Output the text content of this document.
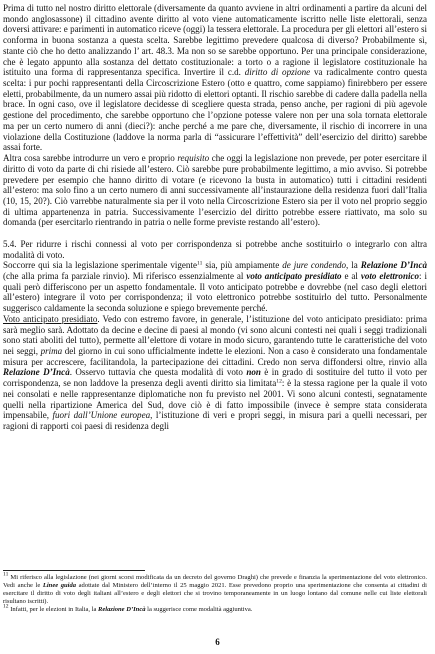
Prima di tutto nel nostro diritto elettorale (diversamente da quanto avviene in altri ordinamenti a partire da alcuni del mondo anglosassone) il cittadino avente diritto al voto viene automaticamente iscritto nelle liste elettorali, senza doversi attivare: e parimenti in automatico riceve (oggi) la tessera elettorale. La procedura per gli elettori all’estero si conforma in buona sostanza a questa scelta. Sarebbe legittimo prevedere qualcosa di diverso? Probabilmente sì, stante ciò che ho detto analizzando l’ art. 48.3. Ma non so se sarebbe opportuno. Per una principale considerazione, che è legato appunto alla sostanza del dettato costituzionale: a torto o a ragione il legislatore costituzionale ha istituito una forma di rappresentanza specifica. Invertire il c.d. diritto di opzione va radicalmente contro questa scelta: i pur pochi rappresentanti della Circoscrizione Estero (otto e quattro, come sappiamo) finirebbero per essere eletti, probabilmente, da un numero assai più ridotto di elettori optanti. Il rischio sarebbe di cadere dalla padella nella brace. In ogni caso, ove il legislatore decidesse di scegliere questa strada, penso anche, per ragioni di più agevole gestione del procedimento, che sarebbe opportuno che l’opzione potesse valere non per una sola tornata elettorale ma per un certo numero di anni (dieci?): anche perché a me pare che, diversamente, il rischio di incorrere in una violazione della Costituzione (laddove la norma parla di “assicurare l’effettività” dell’esercizio del diritto) sarebbe assai forte.

Altra cosa sarebbe introdurre un vero e proprio requisito che oggi la legislazione non prevede, per poter esercitare il diritto di voto da parte di chi risiede all’estero. Ciò sarebbe pure probabilmente legittimo, a mio avviso. Si potrebbe prevedere per esempio che hanno diritto di votare (e ricevono la busta in automatico) tutti i cittadini residenti all’estero: ma solo fino a un certo numero di anni successivamente all’instaurazione della residenza fuori dall’Italia (10, 15, 20?). Ciò varrebbe naturalmente sia per il voto nella Circoscrizione Estero sia per il voto nel proprio seggio di ultima appartenenza in patria. Successivamente l’esercizio del diritto potrebbe essere riattivato, ma solo su domanda (per esercitarlo rientrando in patria o nelle forme previste restando all’estero).

5.4. Per ridurre i rischi connessi al voto per corrispondenza si potrebbe anche sostituirlo o integrarlo con altra modalità di voto.

Soccorre qui sia la legislazione sperimentale vigente$^{11}$ sia, più ampiamente de jure condendo, la Relazione D’Incà (che alla prima fa parziale rinvio). Mi riferisco essenzialmente al voto anticipato presidiato e al voto elettronico: i quali però differiscono per un aspetto fondamentale. Il voto anticipato potrebbe e dovrebbe (nel caso degli elettori all’estero) integrare il voto per corrispondenza; il voto elettronico potrebbe sostituirlo del tutto. Personalmente suggerisco caldamente la seconda soluzione e spiego brevemente perché.

Voto anticipato presidiato. Vedo con estremo favore, in generale, l’istituzione del voto anticipato presidiato: prima sarà meglio sarà. Adottato da decine e decine di paesi al mondo (vi sono alcuni contesti nei quali i seggi tradizionali sono stati aboliti del tutto), permette all’elettore di votare in modo sicuro, garantendo tutte le caratteristiche del voto nei seggi, prima del giorno in cui sono ufficialmente indette le elezioni. Non a caso è considerato una fondamentale misura per accrescere, facilitandola, la partecipazione dei cittadini. Credo non serva diffondersi oltre, rinvio alla Relazione D’Incà. Osservo tuttavia che questa modalità di voto non è in grado di sostituire del tutto il voto per corrispondenza, se non laddove la presenza degli aventi diritto sia limitata$^{12}$: è la stessa ragione per la quale il voto nei consolati e nelle rappresentanze diplomatiche non fu previsto nel 2001. Vi sono alcuni contesti, segnatamente quelli nella ripartizione America del Sud, dove ciò è di fatto impossibile (invece è sempre stata considerata impensabile, fuori dall’Unione europea, l’istituzione di veri e propri seggi, in misura pari a quelli necessari, per ragioni di rapporti coi paesi di residenza degli

$^{11}$ Mi riferisco alla legislazione (nei giorni scorsi modificata da un decreto del governo Draghi) che prevede e finanzia la sperimentazione del voto elettronico. Vedi anche le Linee guida adottate dal Ministero dell’interno il 25 maggio 2021. Esse prevedono proprio una sperimentazione che consenta ai cittadini di esercitare il diritto di voto degli italiani all’estero e degli elettori che si trovino temporaneamente in un luogo lontano dal comune nelle cui liste elettorali risultano iscritti).

$^{12}$ Infatti, per le elezioni in Italia, la Relazione D’Incà la suggerisce come modalità aggiuntiva.

6
